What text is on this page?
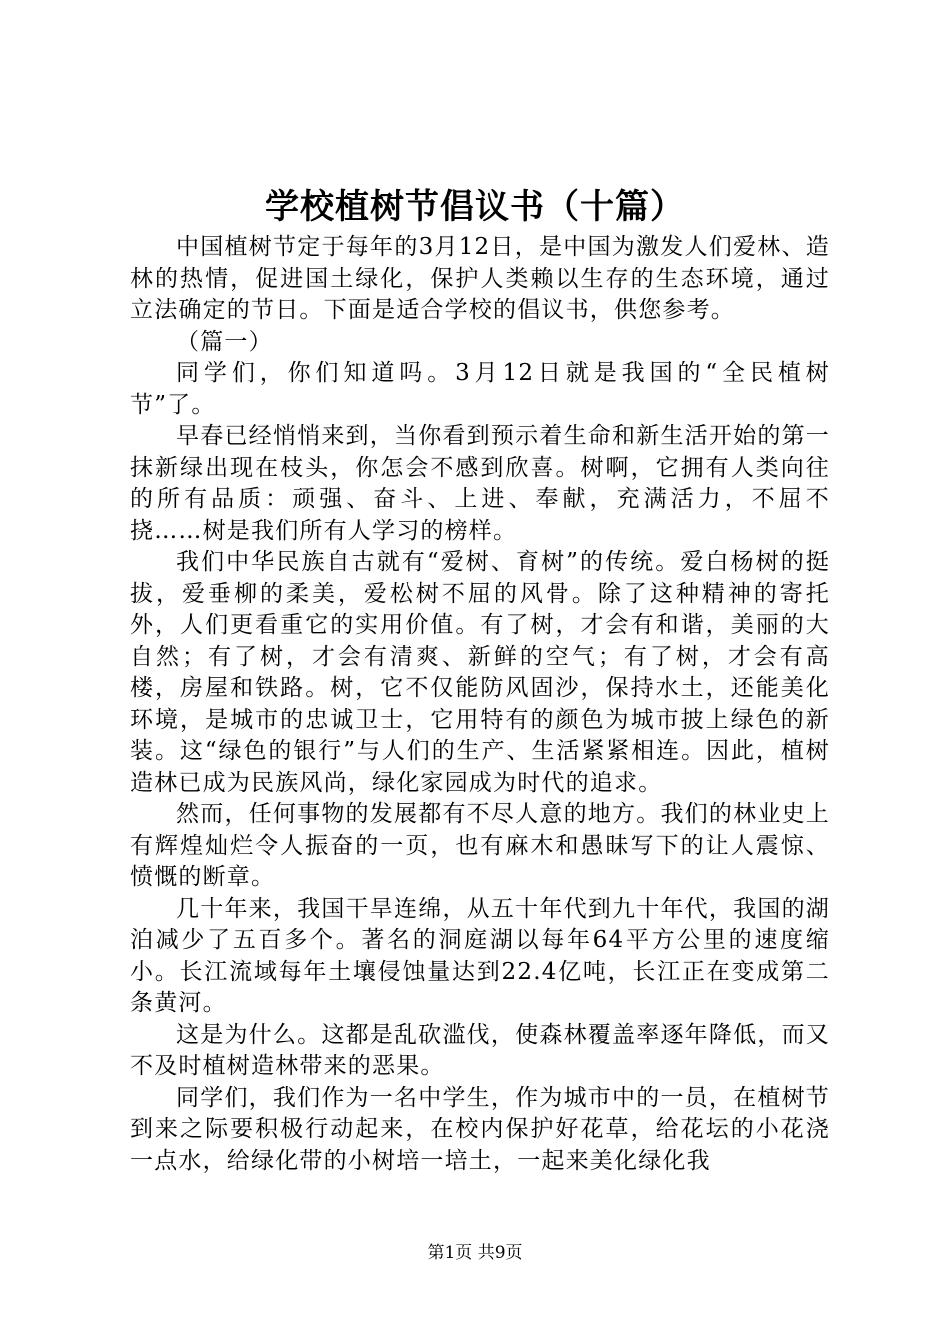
学校植树节倡议书（十篇）

中国植树节定于每年的3月12日，是中国为激发人们爱林、造林的热情，促进国土绿化，保护人类赖以生存的生态环境，通过立法确定的节日。下面是适合学校的倡议书，供您参考。

（篇一）

同学们，你们知道吗。3月12日就是我国的“全民植树节”了。

早春已经悄悄来到，当你看到预示着生命和新生活开始的第一抹新绿出现在枝头，你怎会不感到欣喜。树啊，它拥有人类向往的所有品质：顽强、奋斗、上进、奉献，充满活力，不屈不挠……树是我们所有人学习的榜样。

我们中华民族自古就有“爱树、育树”的传统。爱白杨树的挺拔，爱垂柳的柔美，爱松树不屈的风骨。除了这种精神的寄托外，人们更看重它的实用价值。有了树，才会有和谐，美丽的大自然；有了树，才会有清爽、新鲜的空气；有了树，才会有高楼，房屋和铁路。树，它不仅能防风固沙，保持水土，还能美化环境，是城市的忠诚卫士，它用特有的颜色为城市披上绿色的新装。这“绿色的银行”与人们的生产、生活紧紧相连。因此，植树造林已成为民族风尚，绿化家园成为时代的追求。

然而，任何事物的发展都有不尽人意的地方。我们的林业史上有辉煌灿烂令人振奋的一页，也有麻木和愚昧写下的让人震惊、愤慨的断章。

几十年来，我国干旱连绵，从五十年代到九十年代，我国的湖泊减少了五百多个。著名的洞庭湖以每年64平方公里的速度缩小。长江流域每年土壤侵蚀量达到22.4亿吨，长江正在变成第二条黄河。

这是为什么。这都是乱砍滥伐，使森林覆盖率逐年降低，而又不及时植树造林带来的恶果。

同学们，我们作为一名中学生，作为城市中的一员，在植树节到来之际要积极行动起来，在校内保护好花草，给花坛的小花浇一点水，给绿化带的小树培一培土，一起来美化绿化我

第1页 共9页
